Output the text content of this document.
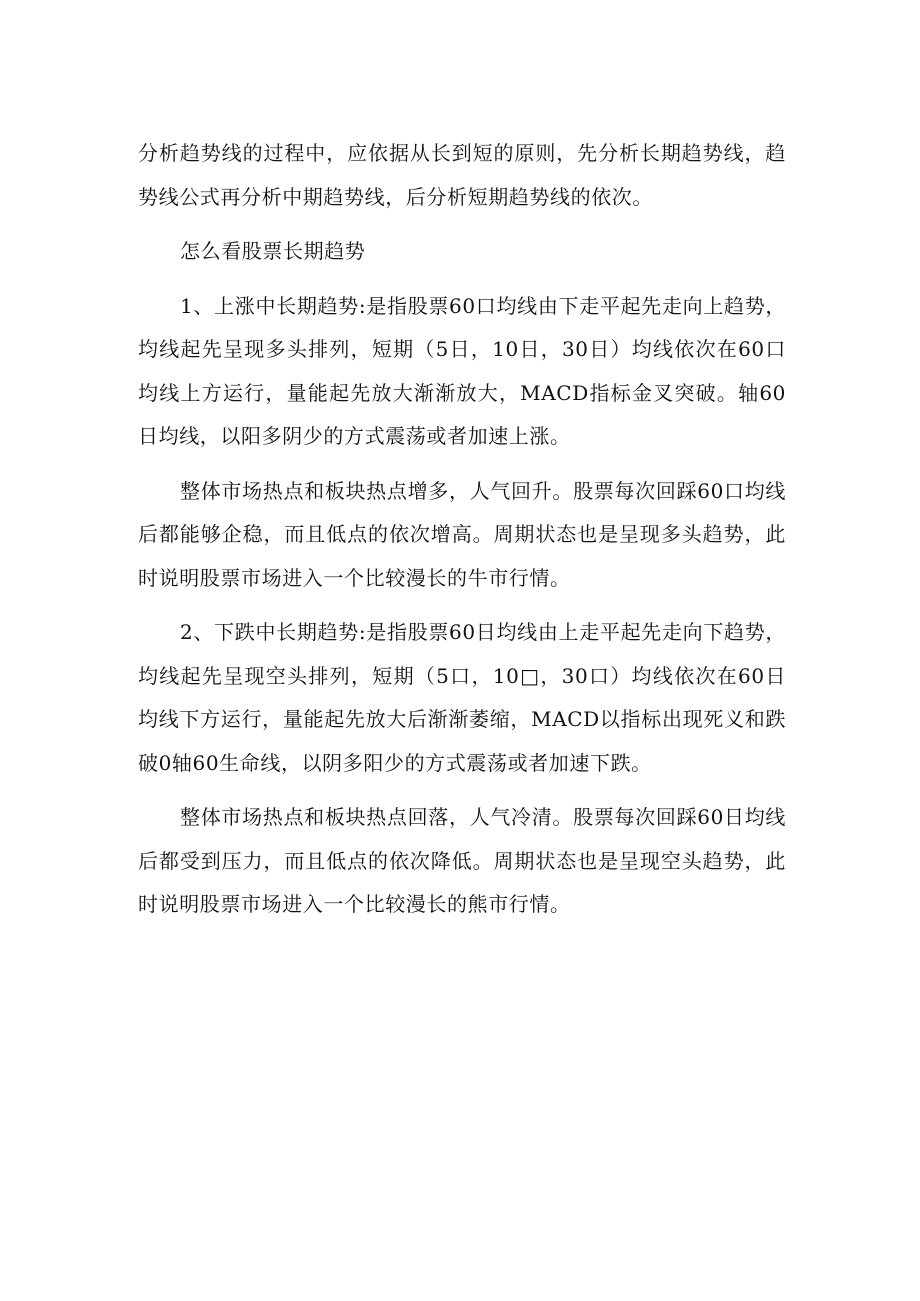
分析趋势线的过程中，应依据从长到短的原则，先分析长期趋势线，趋势线公式再分析中期趋势线，后分析短期趋势线的依次。

怎么看股票长期趋势

1、上涨中长期趋势:是指股票60口均线由下走平起先走向上趋势，均线起先呈现多头排列，短期（5日，10日，30日）均线依次在60口均线上方运行，量能起先放大渐渐放大，MACD指标金叉突破。轴60日均线，以阳多阴少的方式震荡或者加速上涨。

整体市场热点和板块热点增多，人气回升。股票每次回踩60口均线后都能够企稳，而且低点的依次增高。周期状态也是呈现多头趋势，此时说明股票市场进入一个比较漫长的牛市行情。

2、下跌中长期趋势:是指股票60日均线由上走平起先走向下趋势，均线起先呈现空头排列，短期（5口，10□，30口）均线依次在60日均线下方运行，量能起先放大后渐渐萎缩，MACD以指标出现死义和跌破0轴60生命线，以阴多阳少的方式震荡或者加速下跌。

整体市场热点和板块热点回落，人气冷清。股票每次回踩60日均线后都受到压力，而且低点的依次降低。周期状态也是呈现空头趋势，此时说明股票市场进入一个比较漫长的熊市行情。
